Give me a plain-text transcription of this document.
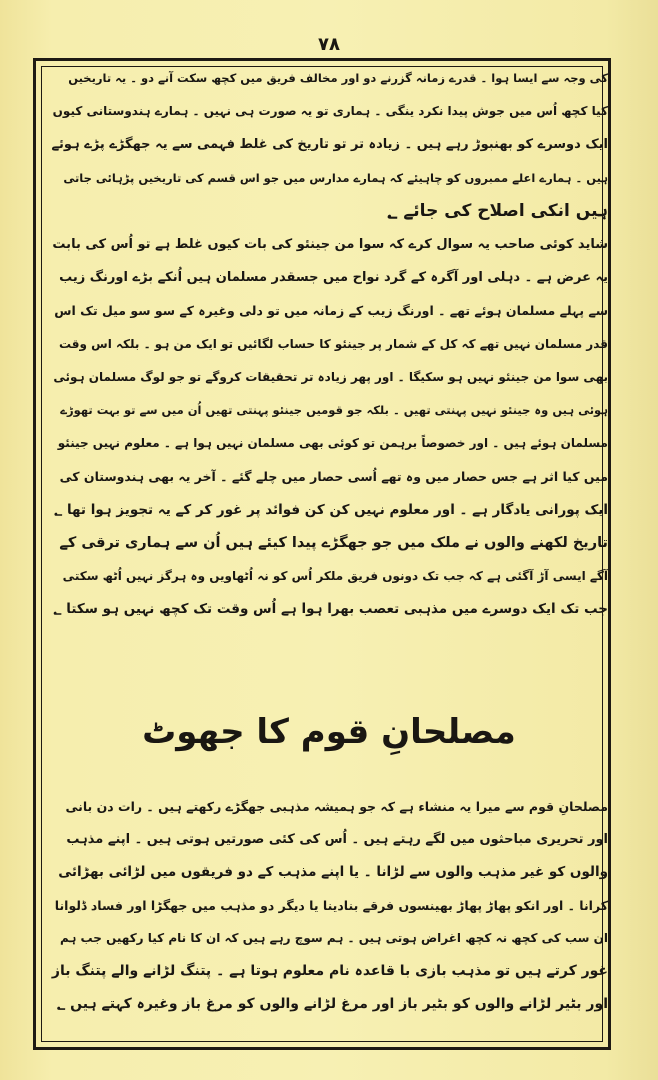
۷۸

کی وجہ سے ایسا ہوا ۔ قدرے زمانہ گزرنے دو اور مخالف فریق میں کچھ سکت آنے دو ۔ یہ تاریخیں

کیا کچھ اُس میں جوش پیدا نکرد ینگی ۔ ہماری تو یہ صورت ہی نہیں ۔ ہمارے ہندوستانی کیوں

ایک دوسرے کو بھنبوڑ رہے ہیں ۔ زیادہ تر تو تاریخ کی غلط فہمی سے یہ جھگڑے پڑے ہوئے

ہیں ۔ ہمارے اعلے ممبروں کو چاہیئے کہ ہمارے مدارس میں جو اس قسم کی تاریخیں پڑہائی جاتی

ہیں انکی اصلاح کی جائے ؂

شاید کوئی صاحب یہ سوال کرے کہ سوا من جینئو کی بات کیوں غلط ہے تو اُس کی بابت

یہ عرض ہے ۔ دہلی اور آگرہ کے گرد نواح میں جسقدر مسلمان ہیں اُنکے بڑے اورنگ زیب

سے پہلے مسلمان ہوئے تھے ۔ اورنگ زیب کے زمانہ میں تو دلی وغیرہ کے سو سو میل تک اس

قدر مسلمان نہیں تھے کہ کل کے شمار پر جینئو کا حساب لگائیں تو ایک من ہو ۔ بلکہ اس وقت

بھی سوا من جینئو نہیں ہو سکیگا ۔ اور پھر زیادہ تر تحقیقات کروگے تو جو لوگ مسلمان ہوئی

ہوئی ہیں وہ جینئو نہیں پہنتی تھیں ۔ بلکہ جو قومیں جینئو پہنتی تھیں اُن میں سے تو بہت تھوڑے

مسلمان ہوئے ہیں ۔ اور خصوصاً برہمن تو کوئی بھی مسلمان نہیں ہوا ہے ۔ معلوم نہیں جینئو

میں کیا اثر ہے جس حصار میں وہ تھے اُسی حصار میں چلے گئے ۔ آخر یہ بھی ہندوستان کی

ایک پورانی یادگار ہے ۔ اور معلوم نہیں کن کن فوائد پر غور کر کے یہ تجویز ہوا تھا ؂

تاریخ لکھنے والوں نے ملک میں جو جھگڑے پیدا کیئے ہیں اُن سے ہماری ترقی کے

آگے ایسی آڑ آگئی ہے کہ جب تک دونوں فریق ملکر اُس کو نہ اُٹھاویں وہ ہرگز نہیں اُٹھ سکتی

جب تک ایک دوسرے میں مذہبی تعصب بھرا ہوا ہے اُس وقت تک کچھ نہیں ہو سکتا ؂

مصلحانِ قوم کا جھوٹ

مصلحانِ قوم سے میرا یہ منشاء ہے کہ جو ہمیشہ مذہبی جھگڑے رکھتے ہیں ۔ رات دن بانی

اور تحریری مباحثوں میں لگے رہتے ہیں ۔ اُس کی کئی صورتیں ہوتی ہیں ۔ اپنے مذہب

والوں کو غیر مذہب والوں سے لڑانا ۔ یا اپنے مذہب کے دو فریقوں میں لڑائی بھڑائی

کرانا ۔ اور انکو پھاڑ پھاڑ بھینسوں فرقے بنادینا یا دیگر دو مذہب میں جھگڑا اور فساد ڈلوانا

ان سب کی کچھ نہ کچھ اغراض ہوتی ہیں ۔ ہم سوچ رہے ہیں کہ ان کا نام کیا رکھیں جب ہم

غور کرتے ہیں تو مذہب بازی با قاعدہ نام معلوم ہوتا ہے ۔ پتنگ لڑانے والے پتنگ باز

اور بٹیر لڑانے والوں کو بٹیر باز اور مرغ لڑانے والوں کو مرغ باز وغیرہ کہتے ہیں ؂
